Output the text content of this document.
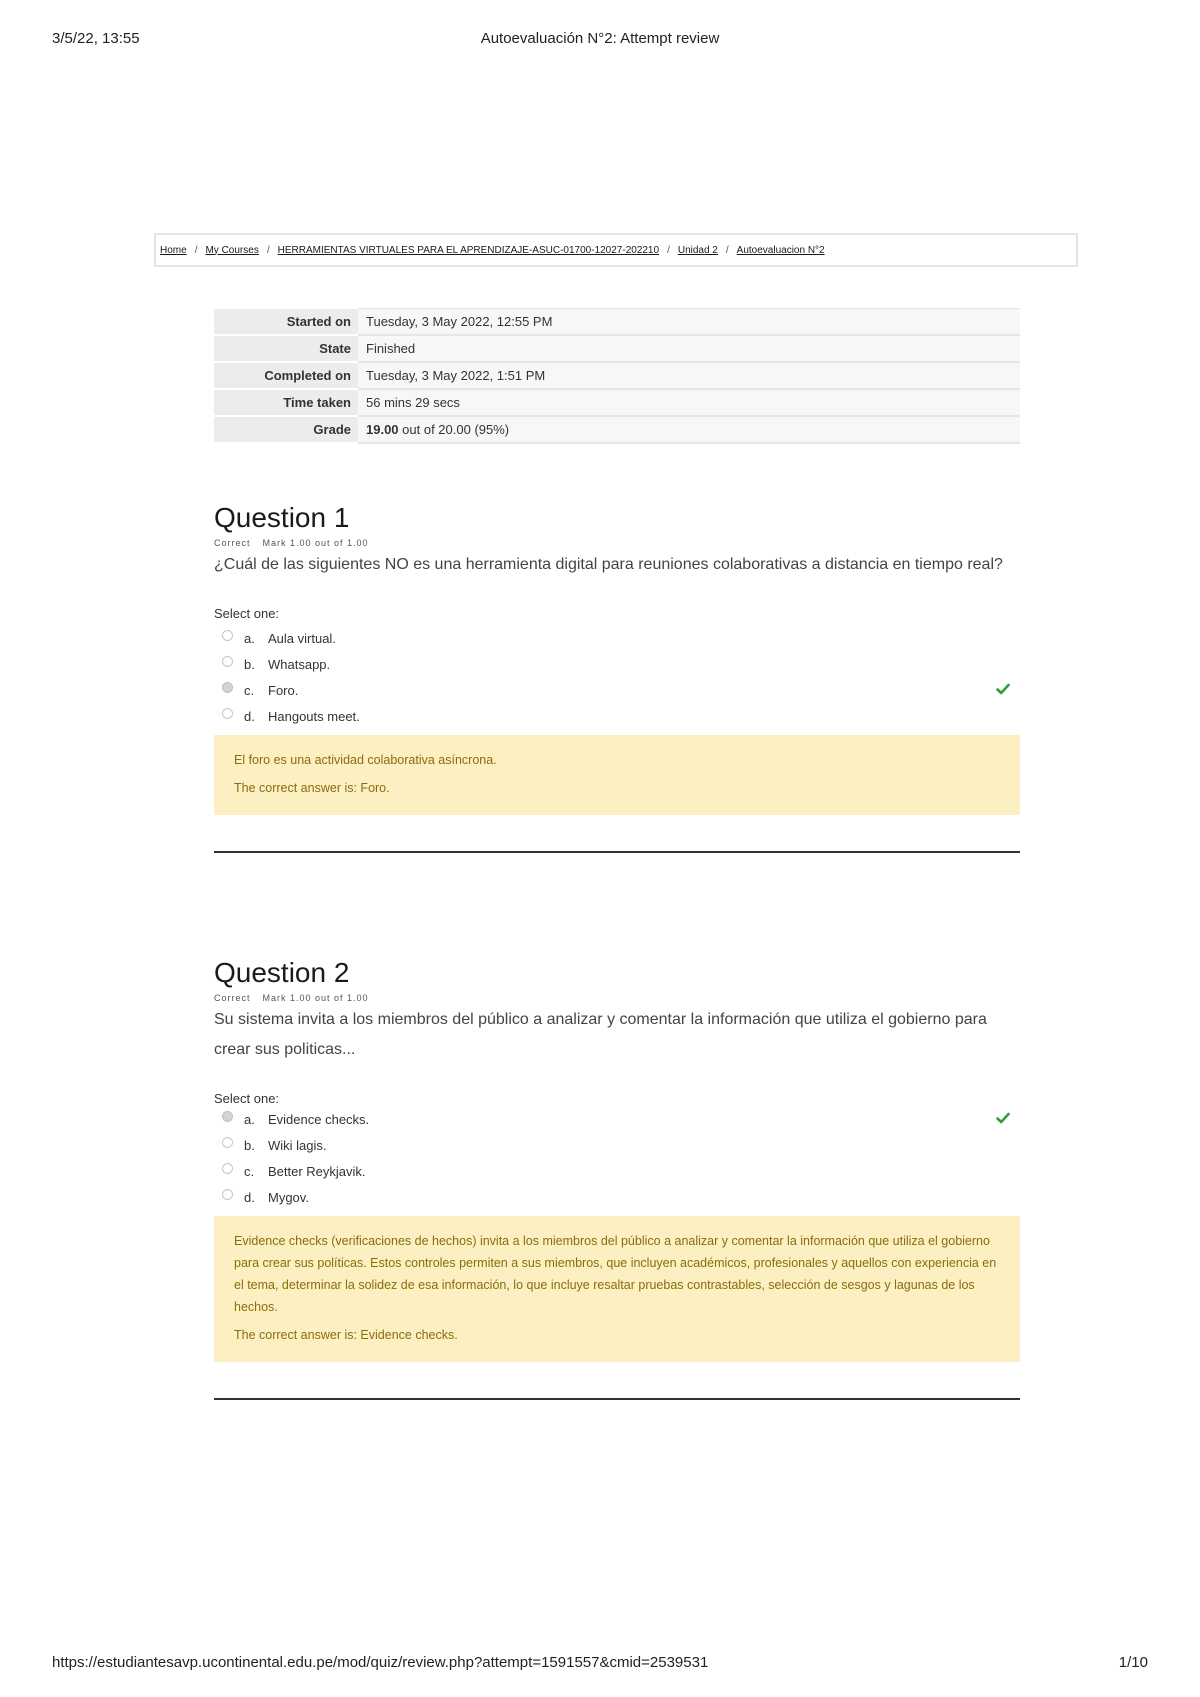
3/5/22, 13:55	Autoevaluación N°2: Attempt review
Home / My Courses / HERRAMIENTAS VIRTUALES PARA EL APRENDIZAJE-ASUC-01700-12027-202210 / Unidad 2 / Autoevaluacion N°2
Started on	Tuesday, 3 May 2022, 12:55 PM
State	Finished
Completed on	Tuesday, 3 May 2022, 1:51 PM
Time taken	56 mins 29 secs
Grade	19.00 out of 20.00 (95%)
Question 1
Correct Mark 1.00 out of 1.00
¿Cuál de las siguientes NO es una herramienta digital para reuniones colaborativas a distancia en tiempo real?
Select one:
a.	Aula virtual.
b.	Whatsapp.
c.	Foro.
d.	Hangouts meet.

El foro es una actividad colaborativa asíncrona.

The correct answer is: Foro.

Question 2
Correct Mark 1.00 out of 1.00
Su sistema invita a los miembros del público a analizar y comentar la información que utiliza el gobierno para crear sus politicas...
Select one:
a.	Evidence checks.
b.	Wiki lagis.
c.	Better Reykjavik.
d.	Mygov.

Evidence checks (verificaciones de hechos) invita a los miembros del público a analizar y comentar la información que utiliza el gobierno para crear sus políticas. Estos controles permiten a sus miembros, que incluyen académicos, profesionales y aquellos con experiencia en el tema, determinar la solidez de esa información, lo que incluye resaltar pruebas contrastables, selección de sesgos y lagunas de los hechos.

The correct answer is: Evidence checks.

https://estudiantesavp.ucontinental.edu.pe/mod/quiz/review.php?attempt=1591557&cmid=2539531	1/10
